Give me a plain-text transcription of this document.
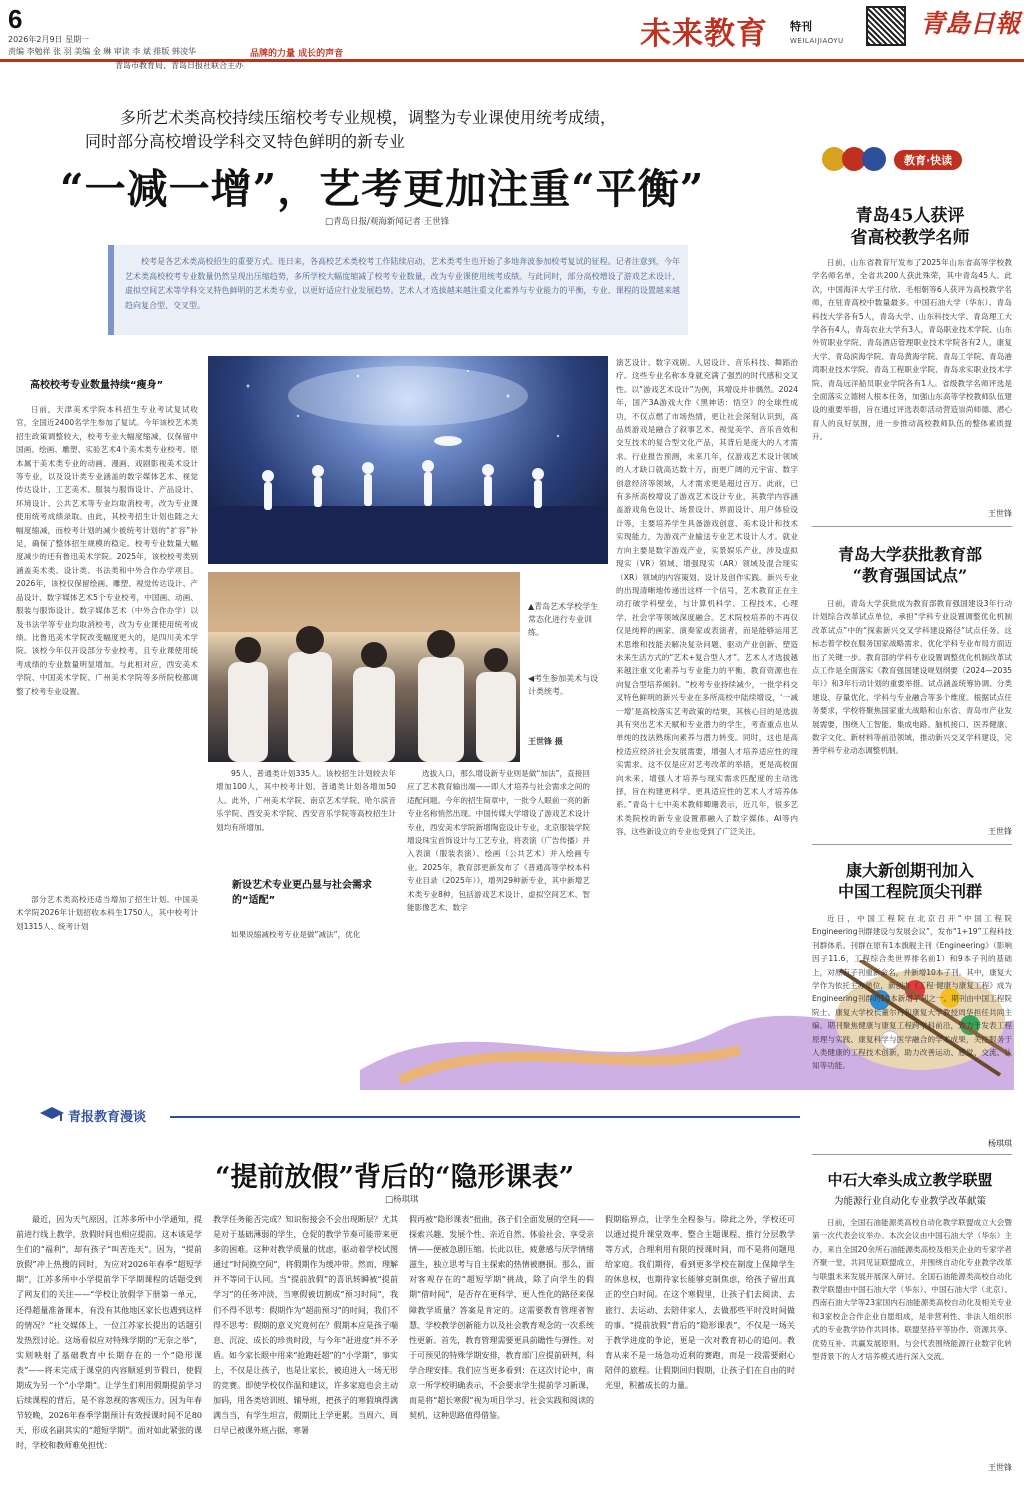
6
2026年2月9日 星期一
责编 李勉祥 张 羽 美编 金 琳 审读 李 斌 排版 韩凌华	品牌的力量 成长的声音
青岛市教育局、青岛日报社联合主办
未来教育 特刊
WEILAIJIAOYU
青島日報
多所艺术类高校持续压缩校考专业规模，调整为专业课使用统考成绩，
同时部分高校增设学科交叉特色鲜明的新专业
“一减一增”，艺考更加注重“平衡”
□青岛日报/观海新闻记者 王世锋
校考是各艺术类高校招生的重要方式。连日来，各高校艺术类校考工作陆续启动，艺术类考生也开始了多地奔波参加校考复试的征程。记者注意到，今年艺术类高校校考专业数量仍然呈现出压缩趋势，多所学校大幅度缩减了校考专业数量，改为专业课使用统考成绩。与此同时，部分高校增设了游戏艺术设计、虚拟空间艺术等学科交叉特色鲜明的艺术类专业，以更好适应行业发展趋势。艺术人才选拔越来越注重文化素养与专业能力的平衡，专业、课程的设置越来越趋向复合型、交叉型。
高校校考专业数量持续“瘦身”
日前，天津美术学院本科招生专业考试复试收官，全国近2400名学生参加了复试。今年该校艺术类招生政策调整较大，校考专业大幅度缩减，仅保留中国画、绘画、雕塑、实验艺术4个美术类专业校考。原本属于美术类专业的动画、漫画、戏剧影视美术设计等专业，以及设计类专业涵盖的数字媒体艺术、视觉传达设计、工艺美术、服装与服饰设计、产品设计、环境设计、公共艺术等专业均取消校考，改为专业课使用统考成绩录取。由此，其校考招生计划也随之大幅度缩减，而校考计划的减少被统考计划的“扩容”补足，确保了整体招生规模的稳定。校考专业数量大幅度减少的还有鲁迅美术学院。2025年，该校校考类别涵盖美术类、设计类、书法类和中外合作办学项目。2026年，该校仅保留绘画、雕塑、视觉传达设计、产品设计、数字媒体艺术5个专业校考，中国画、动画、服装与服饰设计、数字媒体艺术（中外合作办学）以及书法学等专业均取消校考，改为专业课使用统考成绩。比鲁迅美术学院改变幅度更大的，是四川美术学院。该校今年仅开设部分专业校考，且专业课使用统考成绩的专业数量明显增加。与此相对应，西安美术学院、中国美术学院、广州美术学院等多所院校都调整了校考专业设置。
▲青岛艺术学校学生常态化进行专业训练。
◀考生参加美术与设计类统考。
王世锋 摄
部分艺术类高校还适当增加了招生计划。中国美术学院2026年计划招收本科生1750人，其中校考计划1315人、统考计划
95人、普通类计划335人。该校招生计划较去年增加100人，其中校考计划、普通类计划各增加50人。此外，广州美术学院、南京艺术学院、哈尔滨音乐学院、西安美术学院、西安音乐学院等高校招生计划均有所增加。
新设艺术专业更凸显与社会需求的“适配”
如果说缩减校考专业是做“减法”，优化
选拔入口，那么增设新专业则是做“加法”，直接回应了艺术教育输出端——即人才培养与社会需求之间的适配问题。今年的招生简章中，一批令人眼前一亮的新专业名称悄然出现。中国传媒大学增设了游戏艺术设计专业，西安美术学院新增陶瓷设计专业，北京服装学院增设珠宝首饰设计与工艺专业，将表演（广告传播）并入表演（服装表演）、绘画（公共艺术）并入绘画专业。2025年，教育部更新发布了《普通高等学校本科专业目录（2025年）》，增列29种新专业，其中新增艺术类专业8种，包括游戏艺术设计、虚拟空间艺术、智能影像艺术、数字
演艺设计、数字戏剧、人居设计、音乐科技、舞蹈治疗。这些专业名称本身就充满了强烈的时代感和交叉性。以“游戏艺术设计”为例，其增设并非偶然。2024年，国产3A游戏大作《黑神话：悟空》的全球性成功，不仅点燃了市场热情，更让社会深刻认识到，高品质游戏是融合了叙事艺术、视觉美学、音乐音效和交互技术的复合型文化产品，其背后是庞大的人才需求。行业报告预测，未来几年，仅游戏艺术设计领域的人才缺口就高达数十万，而更广阔的元宇宙、数字创意经济等领域，人才需求更是超过百万。此前，已有多所高校增设了游戏艺术设计专业，其教学内容涵盖游戏角色设计、场景设计、界面设计、用户体验设计等，主要培养学生具备游戏创意、美术设计和技术实现能力，为游戏产业输送专业艺术设计人才。就业方向主要是数字游戏产业，实景娱乐产业，涉及虚拟现实（VR）领域、增强现实（AR）领域及混合现实（XR）领域的内容策划、设计及创作实践。新兴专业的出现清晰地传递出这样一个信号，艺术教育正在主动打破学科壁垒，与计算机科学、工程技术、心理学、社会学等领域深度融合。艺术院校培养的不再仅仅是纯粹的画家、演奏家或表演者，而是能够运用艺术思维和技能去解决复杂问题、驱动产业创新、塑造未来生活方式的“艺术+复合型人才”。艺术人才选拔越来越注重文化素养与专业能力的平衡，教育资源也在向复合型培养倾斜。“校考专业持续减少，一批学科交叉特色鲜明的新兴专业在多所高校中陆续增设，‘一减一增’是高校落实艺考政策的结果，其核心目的是选拔具有突出艺术天赋和专业潜力的学生，考查重点也从单纯的技法熟练向素养与潜力转变。同时，这也是高校适应经济社会发展需要，增强人才培养适应性的现实需求。这不仅是应对艺考改革的举措，更是高校面向未来、增强人才培养与现实需求匹配度的主动选择，旨在构建更科学、更具适应性的艺术人才培养体系。”青岛十七中美术教师卿珊表示，近几年，很多艺术类院校的新专业设置都融入了数字媒体、AI等内容，这些新设立的专业也受到了广泛关注。
教育·快读
青岛45人获评
省高校教学名师
日前，山东省教育厅发布了2025年山东省高等学校教学名师名单，全省共200人获此殊荣，其中青岛45人。此次，中国海洋大学王付欣、毛相朝等6人获评为高校教学名师，在驻青高校中数量最多。中国石油大学（华东）、青岛科技大学各有5人，青岛大学、山东科技大学、青岛理工大学各有4人，青岛农业大学有3人，青岛职业技术学院、山东外贸职业学院、青岛酒店管理职业技术学院各有2人，康复大学、青岛滨海学院、青岛黄海学院、青岛工学院、青岛港湾职业技术学院、青岛工程职业学院、青岛求实职业技术学院、青岛远洋船员职业学院各有1人。省级教学名师评选是全面落实立德树人根本任务，加强山东高等学校教师队伍建设的重要举措，旨在通过评选表彰活动营造崇尚师德、潜心育人的良好氛围，进一步推动高校教师队伍的整体素质提升。
王世锋
青岛大学获批教育部
“教育强国试点”
日前，青岛大学获批成为教育部教育强国建设3年行动计划综合改革试点单位，承担“学科专业设置调整优化机制改革试点”中的“探索新兴交叉学科建设路径”试点任务。这标志着学校在服务国家战略需求、优化学科专业布局方面迈出了关键一步。教育部的学科专业设置调整优化机制改革试点工作是全面落实《教育强国建设规划纲要（2024—2035年）》和3年行动计划的重要举措。试点涵盖统筹协调、分类建设、存量优化、学科与专业融合等多个维度。根据试点任务要求，学校将聚焦国家重大战略和山东省、青岛市产业发展需要，围绕人工智能、集成电路、脑机接口、医养健康、数字文化、新材料等前沿领域，推动新兴交叉学科建设，完善学科专业动态调整机制。
王世锋
康大新创期刊加入
中国工程院顶尖刊群
近日，中国工程院在北京召开“中国工程院Engineering刊群建设与发展会议”，发布“1+19”工程科技刊群体系。刊群在原有1本旗舰主刊《Engineering》（影响因子11.6，工程综合类世界排名前1）和9本子刊的基础上，对原有子刊重新命名，并新增10本子刊。其中，康复大学作为依托主办单位，新创办《工程·健康与康复工程》成为Engineering刊群的10本新增子刊之一。期刊由中国工程院院士、康复大学校长董尔丹和康复大学教授周华担任共同主编。期刊聚焦健康与康复工程跨学科前沿，致力于发表工程原理与实践、康复科学与医学融合的学术成果，关注服务于人类健康的工程技术创新，助力改善运动、感觉、交流、认知等功能。
杨琪琪
中石大牵头成立教学联盟
为能源行业自动化专业教学改革献策
日前，全国石油能源类高校自动化教学联盟成立大会暨第一次代表会议举办。本次会议由中国石油大学（华东）主办，来自全国20余所石油能源类高校及相关企业的专家学者齐聚一堂，共同见证联盟成立，并围绕自动化专业教学改革与联盟未来发展开展深入研讨。全国石油能源类高校自动化教学联盟由中国石油大学（华东）、中国石油大学（北京）、西南石油大学等23家国内石油能源类高校自动化及相关专业和3家校企合作企业自愿组成，是非营利性、非法人组织形式的专业教学协作共同体。联盟坚持平等协作、资源共享、优势互补、共赢发展原则。与会代表围绕能源行业数字化转型背景下的人才培养模式进行深入交流。
王世锋
青报教育漫谈
“提前放假”背后的“隐形课表”
□杨琪琪
最近，因为天气原因，江苏多所中小学通知，提前进行线上教学，放假时间也相应提前。这本该是学生们的“福利”，却有孩子“叫苦连天”。因为，“提前放假”冲上热搜的同时，为应对2026年春季“超短学期”，江苏多所中小学提前学下学期课程的话题受到了网友们的关注——“学校让放假学下册第一单元，还得超量准备课本，有没有其他地区家长也遇到这样的情况？”社交媒体上，一位江苏家长提出的话题引发热烈讨论。这场看似应对特殊学期的“无奈之举”，实则映射了基础教育中长期存在的一个“隐形课表”——将未完成于课堂的内容顺延到节假日，使假期成为另一个“小学期”。让学生们利用假期提前学习后续课程的背后，是不容忽视的客观压力。因为年春节较晚，2026年春季学期预计有效授课时间不足80天，形成名副其实的“超短学期”。面对如此紧张的课时，学校和教师难免担忧：
教学任务能否完成？知识衔接会不会出现断层？尤其是对于基础薄弱的学生，仓促的教学节奏可能带来更多的困难。这种对教学质量的忧虑，驱动着学校试图通过“时间换空间”，将假期作为缓冲带。然而，理解并不等同于认同。当“提前放假”的喜讯转瞬被“提前学习”的任务冲淡，当寒假被切割成“预习时间”，我们不得不思考：假期作为“超前预习”的时间，我们不得不思考：假期的意义究竟何在？假期本应是孩子喘息、沉淀、成长的珍贵时段，与今年“赶进度”并不矛盾。如今家长眼中用来“抢跑赶超”的“小学期”，事实上，不仅是让孩子，也是让家长，被迫进入一场无形的竞赛。即使学校仅作温和建议，许多家庭也会主动加码，用各类培训班、辅导班，把孩子的寒假填得满满当当，有学生坦言，假期比上学更累。当周六、周日早已被课外班占据，寒暑
假再被“隐形课表”扭曲，孩子们全面发展的空间——探索兴趣、发展个性、亲近自然、体验社会、享受亲情——便被急剧压缩。长此以往，疲惫感与厌学情绪滋生，独立思考与自主探索的热情被磨损。那么，面对客观存在的“超短学期”挑战，除了向学生的假期“借时间”，是否存在更科学、更人性化的路径来保障教学质量？答案是肯定的。这需要教育管理者智慧、学校教学创新能力以及社会教育观念的一次系统性更新。首先，教育管理需要更具前瞻性与弹性。对于可预见的特殊学期安排，教育部门应提前研判，科学合理安排。我们应当更多看到：在这次讨论中，南京一所学校明确表示，不会要求学生提前学习新课，而是将“超长寒假”视为项目学习、社会实践和阅读的契机，这种思路值得借鉴。
假期临界点，让学生全程参与。除此之外，学校还可以通过提升课堂效率、整合主题课程、推行分层教学等方式，合理利用有限的授课时间，而不是将问题甩给家庭。我们期待，看到更多学校在制度上保障学生的休息权，也期待家长能够克制焦虑，给孩子留出真正的空白时间。在这个寒假里，让孩子们去阅读、去旅行、去运动、去陪伴家人，去做那些平时没时间做的事。“提前放假”背后的“隐形课表”，不仅是一场关于教学进度的争论，更是一次对教育初心的追问。教育从来不是一场急功近利的赛跑，而是一段需要耐心陪伴的旅程。让假期回归假期，让孩子们在自由的时光里，积蓄成长的力量。
